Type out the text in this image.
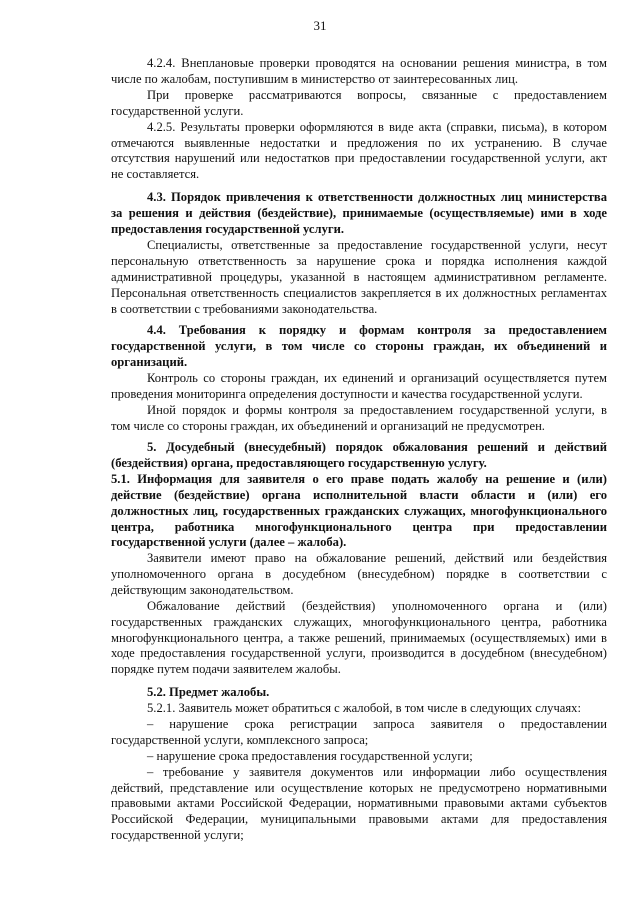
31
4.2.4. Внеплановые проверки проводятся на основании решения министра, в том
числе по жалобам, поступившим в министерство от заинтересованных лиц.
При проверке рассматриваются вопросы, связанные с предоставлением
государственной услуги.
4.2.5. Результаты проверки оформляются в виде акта (справки, письма), в котором
отмечаются выявленные недостатки и предложения по их устранению. В случае
отсутствия нарушений или недостатков при предоставлении государственной услуги, акт
не составляется.
4.3. Порядок привлечения к ответственности должностных лиц министерства
за решения и действия (бездействие), принимаемые (осуществляемые) ими в ходе
предоставления государственной услуги.
Специалисты, ответственные за предоставление государственной услуги, несут
персональную ответственность за нарушение срока и порядка исполнения каждой
административной процедуры, указанной в настоящем административном регламенте.
Персональная ответственность специалистов закрепляется в их должностных регламентах
в соответствии с требованиями законодательства.
4.4. Требования к порядку и формам контроля за предоставлением
государственной услуги, в том числе со стороны граждан, их объединений и
организаций.
Контроль со стороны граждан, их единений и организаций осуществляется путем
проведения мониторинга определения доступности и качества государственной услуги.
Иной порядок и формы контроля за предоставлением государственной услуги, в
том числе со стороны граждан, их объединений и организаций не предусмотрен.
5. Досудебный (внесудебный) порядок обжалования решений и действий
(бездействия) органа, предоставляющего государственную услугу.
5.1. Информация для заявителя о его праве подать жалобу на решение и (или)
действие (бездействие) органа исполнительной власти области и (или) его
должностных лиц, государственных гражданских служащих, многофункционального
центра, работника многофункционального центра при предоставлении
государственной услуги (далее – жалоба).
Заявители имеют право на обжалование решений, действий или бездействия
уполномоченного органа в досудебном (внесудебном) порядке в соответствии с
действующим законодательством.
Обжалование действий (бездействия) уполномоченного органа и (или)
государственных гражданских служащих, многофункционального центра, работника
многофункционального центра, а также решений, принимаемых (осуществляемых) ими в
ходе предоставления государственной услуги, производится в досудебном (внесудебном)
порядке путем подачи заявителем жалобы.
5.2. Предмет жалобы.
5.2.1. Заявитель может обратиться с жалобой, в том числе в следующих случаях:
– нарушение срока регистрации запроса заявителя о предоставлении
государственной услуги, комплексного запроса;
– нарушение срока предоставления государственной услуги;
– требование у заявителя документов или информации либо осуществления
действий, представление или осуществление которых не предусмотрено нормативными
правовыми актами Российской Федерации, нормативными правовыми актами субъектов
Российской Федерации, муниципальными правовыми актами для предоставления
государственной услуги;
